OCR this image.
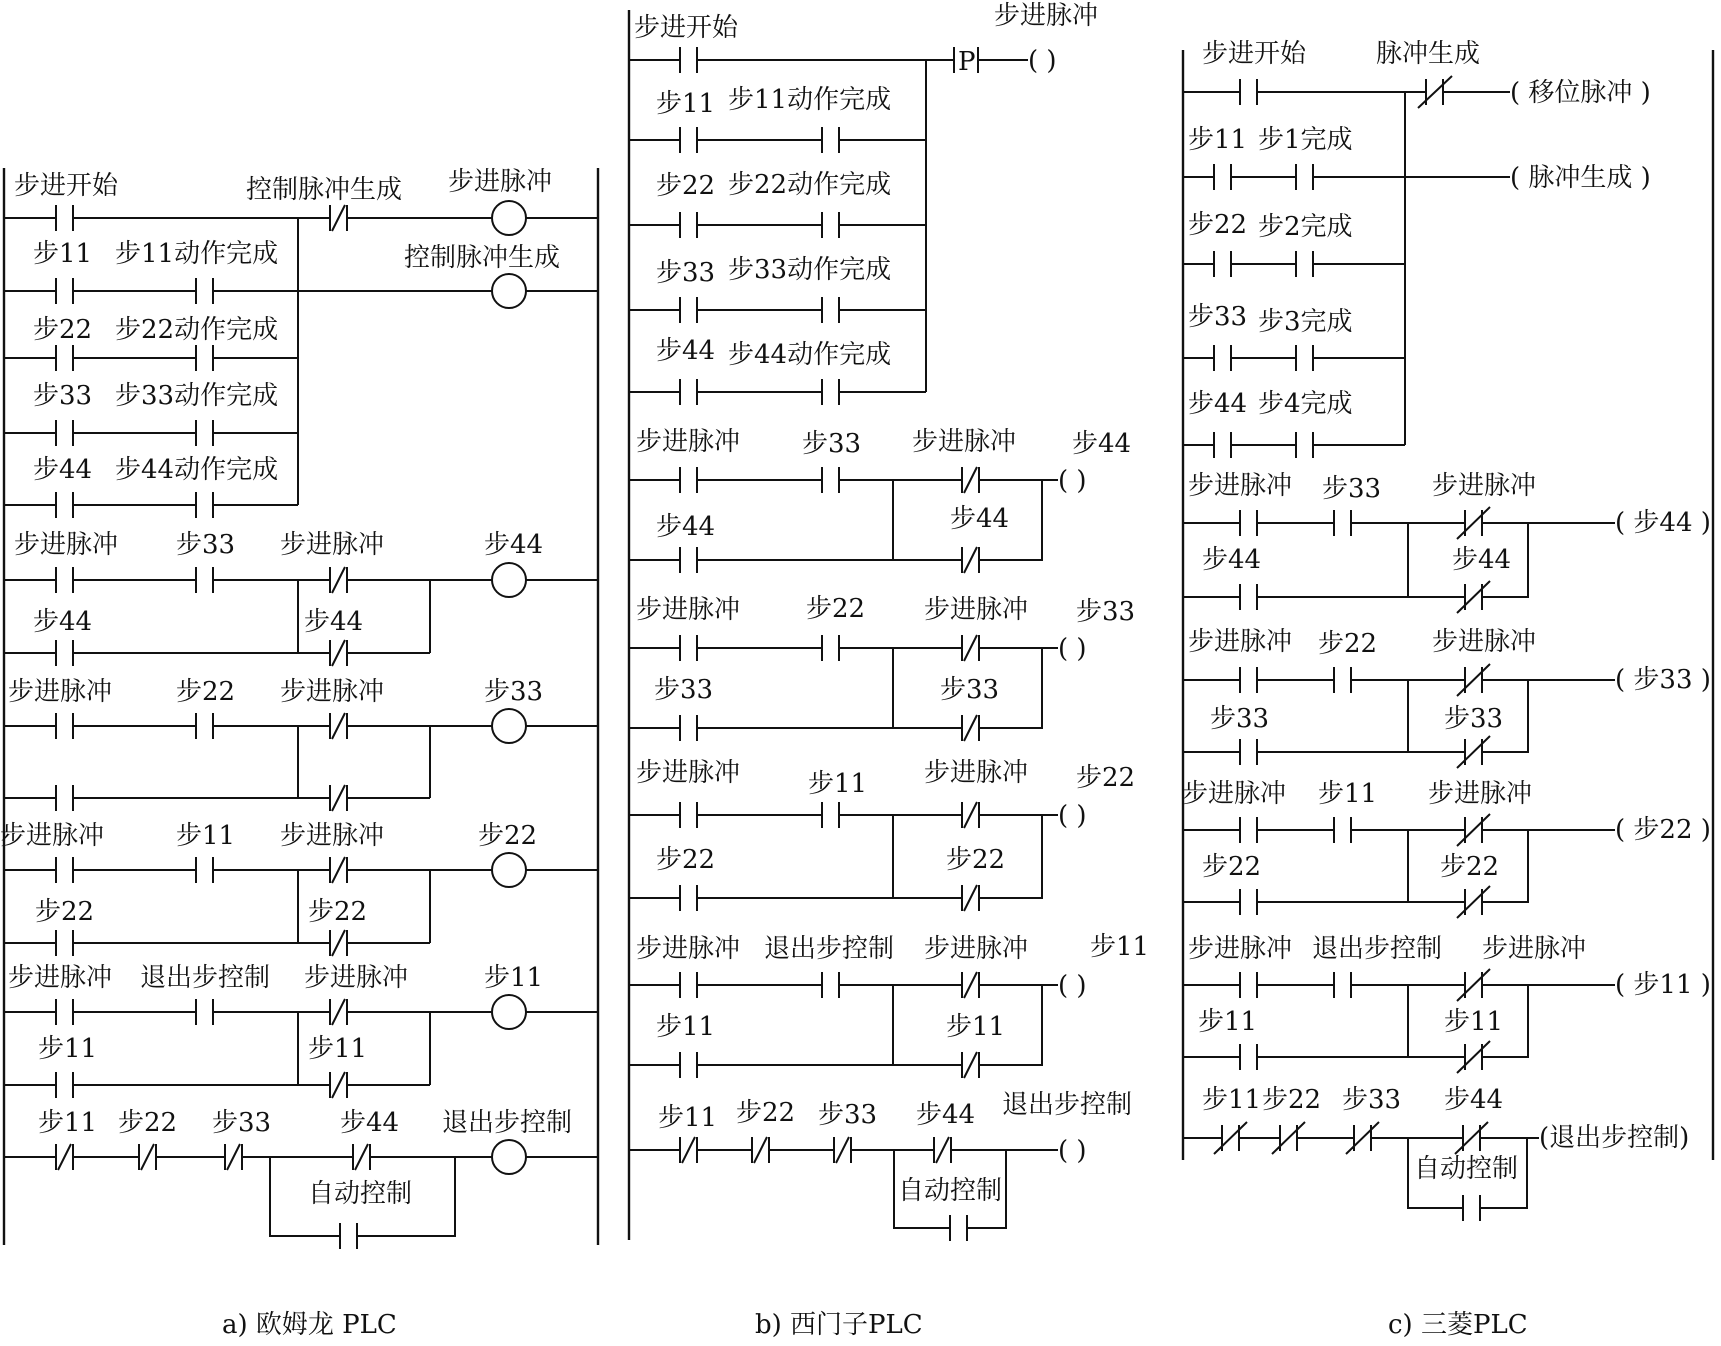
步进开始	控制脉冲生成 步进脉冲
控制脉冲生成
步11 步11动作完成
步22 步22动作完成
步33 步33动作完成
步44 步44动作完成
步进脉冲 步33 步进脉冲	步44
步44	步44
步进脉冲 步22 步进脉冲	步33
步进脉冲	步11 步进脉冲	步22
步22	步22
步进脉冲 退出步控制 步进脉冲	步11
步11	步11
步11 步22 步33	步44 退出步控制
自动控制
a) 欧姆龙 PLC
P ( )
步进开始	步进脉冲
步11 步11动作完成
步22 步22动作完成
步33 步33动作完成
步44 步44动作完成
( )
步进脉冲 步33 步进脉冲 步44
步44	步44
( )
步进脉冲	步22 步进脉冲 步33
步33	步33
( )
步进脉冲	步11 步进脉冲 步22
步22	步22
( )
步进脉冲 退出步控制 步进脉冲 步11
步11	步11
( )
步11 步22 步33 步44 退出步控制
自动控制
b) 西门子PLC
( 移位脉冲 )
( 脉冲生成 )
步进开始	脉冲生成
步11 步1完成
步22 步2完成
步33 步3完成
步44 步4完成
( 步44 )
步进脉冲 步33 步进脉冲
步44	步44
( 步33 )
步进脉冲 步22 步进脉冲
步33	步33
( 步22 )
步进脉冲 步11 步进脉冲
步22	步22
( 步11 )
步进脉冲 退出步控制 步进脉冲
步11	步11
(退出步控制)
步11 步22 步33 步44
自动控制
c) 三菱PLC
